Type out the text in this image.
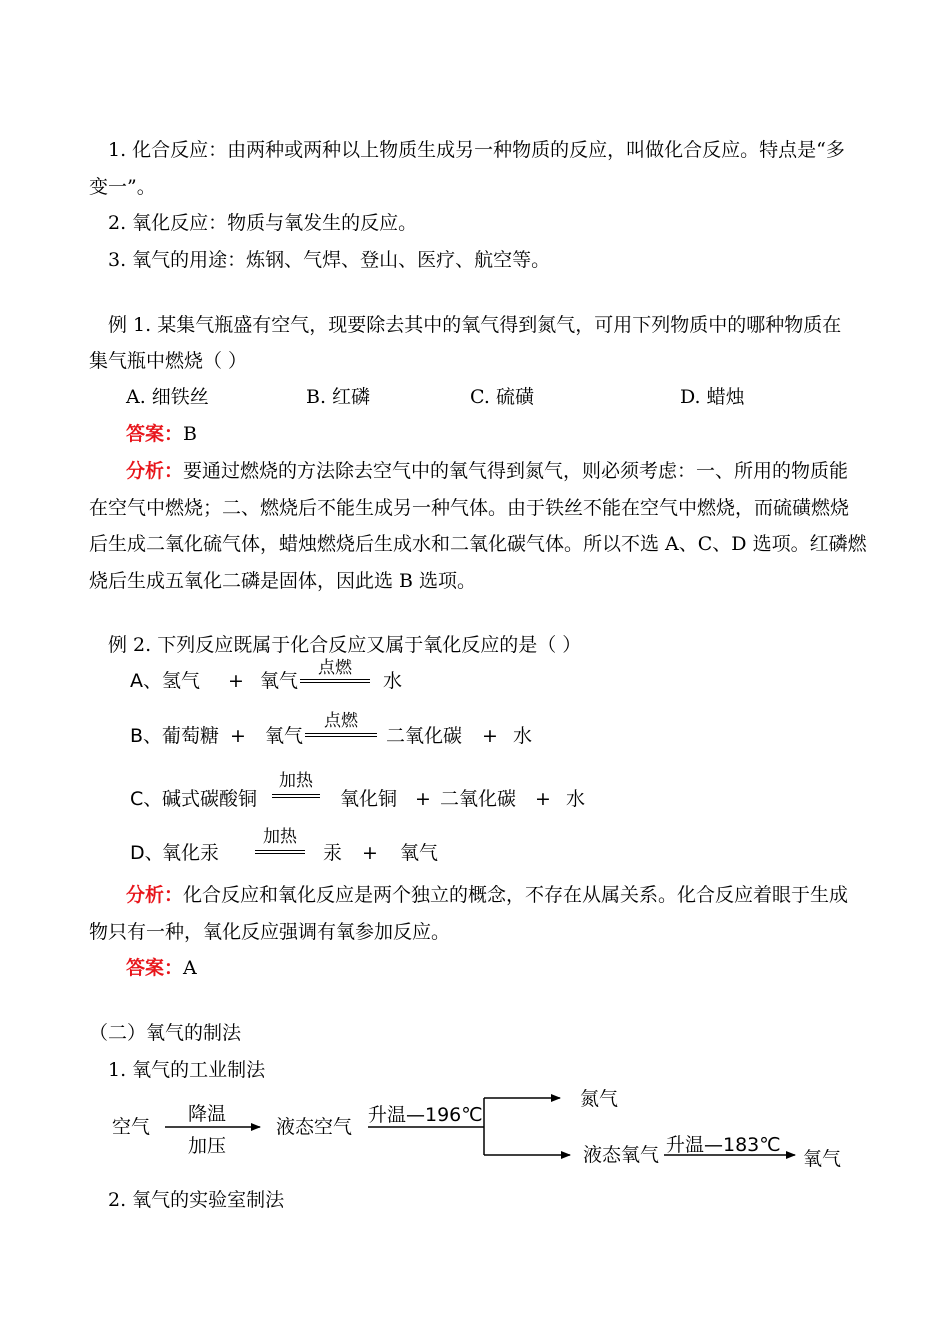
1. 化合反应：由两种或两种以上物质生成另一种物质的反应，叫做化合反应。特点是“多
变一”。
2. 氧化反应：物质与氧发生的反应。
3. 氧气的用途：炼钢、气焊、登山、医疗、航空等。
例 1. 某集气瓶盛有空气，现要除去其中的氧气得到氮气，可用下列物质中的哪种物质在
集气瓶中燃烧（ ）
A. 细铁丝	B. 红磷	C. 硫磺	D. 蜡烛
答案：B
分析：要通过燃烧的方法除去空气中的氧气得到氮气，则必须考虑：一、所用的物质能
在空气中燃烧；二、燃烧后不能生成另一种气体。由于铁丝不能在空气中燃烧，而硫磺燃烧
后生成二氧化硫气体，蜡烛燃烧后生成水和二氧化碳气体。所以不选 A、C、D 选项。红磷燃
烧后生成五氧化二磷是固体，因此选 B 选项。
例 2. 下列反应既属于化合反应又属于氧化反应的是（ ）
A、 氢气 + 氧气
点燃
水
B、 葡萄糖 + 氧气
点燃
二氧化碳 + 水
C、 碱式碳酸铜
加热
氧化铜 + 二氧化碳 + 水
D、
氧化汞
加热
汞 + 氧气
分析：化合反应和氧化反应是两个独立的概念，不存在从属关系。化合反应着眼于生成
物只有一种，氧化反应强调有氧参加反应。
答案：A
（二）氧气的制法
1. 氧气的工业制法
空气
降温
加压
液态空气
升温—196℃
氮气
液态氧气 升温—183℃
氧气
2. 氧气的实验室制法
